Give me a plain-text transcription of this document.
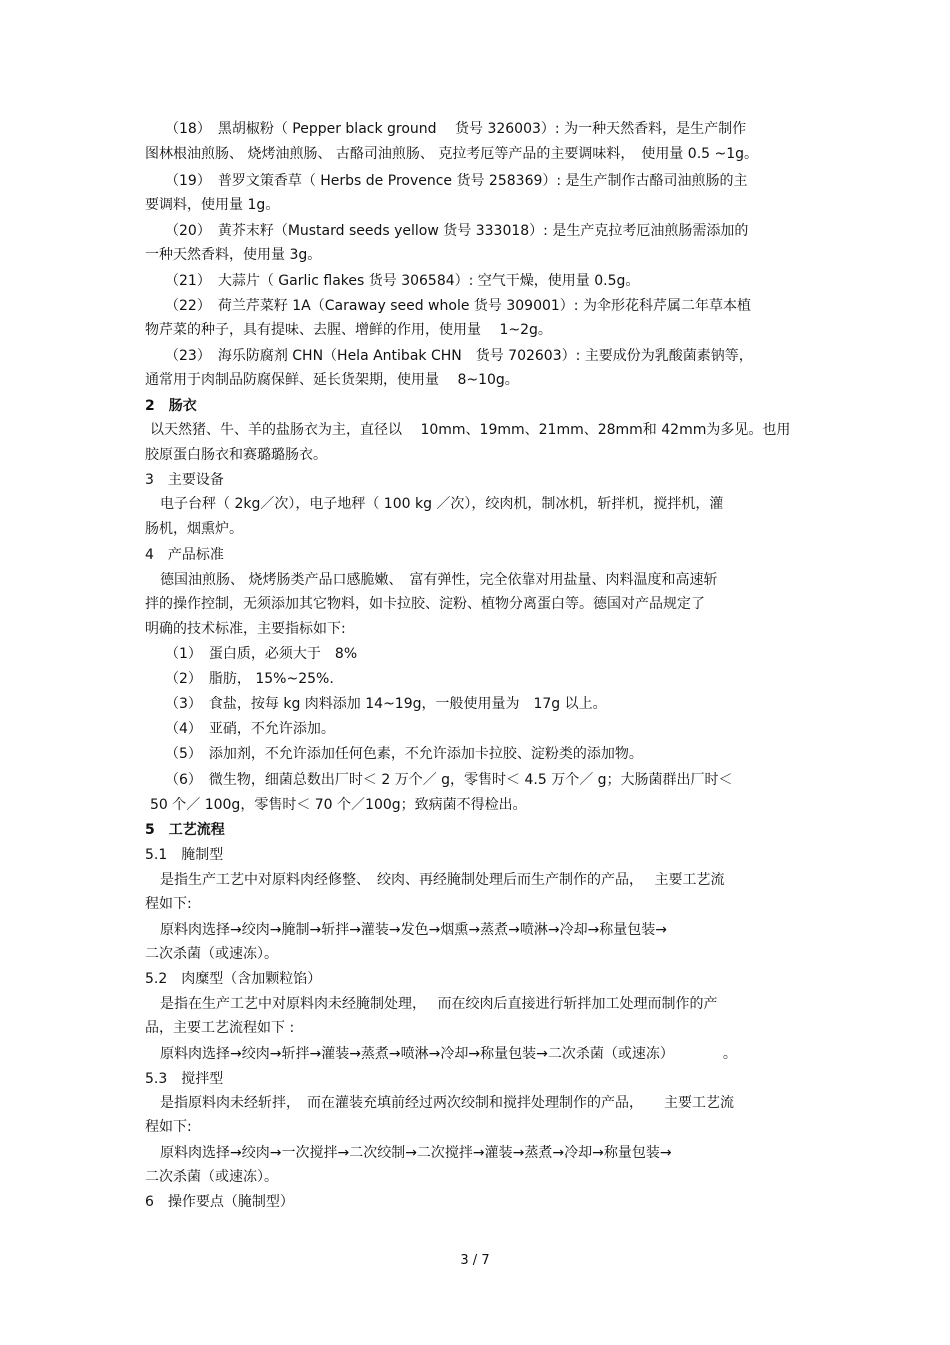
（18）　黑胡椒粉（ Pepper black ground　 货号 326003）: 为一种天然香料，是生产制作
图林根油煎肠、 烧烤油煎肠、 古酪司油煎肠、 克拉考厄等产品的主要调味料，　使用量 0.5 ~1g。
（19）　普罗文策香草（ Herbs de Provence 货号 258369）: 是生产制作古酪司油煎肠的主
要调料，使用量 1g。
（20）　黄芥末籽（Mustard seeds yellow 货号 333018）: 是生产克拉考厄油煎肠需添加的
一种天然香料，使用量 3g。
（21）　大蒜片（ Garlic flakes 货号 306584）: 空气干燥，使用量 0.5g。
（22）　荷兰芹菜籽 1A（Caraway seed whole 货号 309001）: 为伞形花科芹属二年草本植
物芹菜的种子，具有提味、去腥、增鲜的作用，使用量　 1~2g。
（23）　海乐防腐剂 CHN（Hela Antibak CHN　货号 702603）: 主要成份为乳酸菌素钠等，
通常用于肉制品防腐保鲜、延长货架期，使用量　 8~10g。
2　肠衣
以天然猪、牛、羊的盐肠衣为主，直径以　 10mm、19mm、21mm、28mm和 42mm为多见。也用
胶原蛋白肠衣和赛璐璐肠衣。
3　主要设备
电子台秤（ 2kg／次），电子地秤（ 100 kg ／次），绞肉机，制冰机，斩拌机，搅拌机，灌
肠机，烟熏炉。
4　产品标准
德国油煎肠、 烧烤肠类产品口感脆嫩、　富有弹性，完全依靠对用盐量、肉料温度和高速斩
拌的操作控制，无须添加其它物料，如卡拉胶、淀粉、植物分离蛋白等。德国对产品规定了
明确的技术标准，主要指标如下:
（1）　蛋白质，必须大于　8%
（2）　脂肪， 15%~25%.
（3）　食盐，按每 kg 肉料添加 14~19g，一般使用量为　17g 以上。
（4）　亚硝，不允许添加。
（5）　添加剂，不允许添加任何色素，不允许添加卡拉胶、淀粉类的添加物。
（6）　微生物，细菌总数出厂时＜ 2 万个／ g，零售时＜ 4.5 万个／ g；大肠菌群出厂时＜
50 个／ 100g，零售时＜ 70 个／100g；致病菌不得检出。
5　工艺流程
5.1　腌制型
是指生产工艺中对原料肉经修整、　绞肉、再经腌制处理后而生产制作的产品，　 主要工艺流
程如下:
原料肉选择→绞肉→腌制→斩拌→灌装→发色→烟熏→蒸煮→喷淋→冷却→称量包装→
二次杀菌（或速冻）。
5.2　肉糜型（含加颗粒馅）
是指在生产工艺中对原料肉未经腌制处理，　 而在绞肉后直接进行斩拌加工处理而制作的产
品，主要工艺流程如下 :
原料肉选择→绞肉→斩拌→灌装→蒸煮→喷淋→冷却→称量包装→二次杀菌（或速冻）　　　　。
5.3　搅拌型
是指原料肉未经斩拌，　而在灌装充填前经过两次绞制和搅拌处理制作的产品，　　主要工艺流
程如下:
原料肉选择→绞肉→一次搅拌→二次绞制→二次搅拌→灌装→蒸煮→冷却→称量包装→
二次杀菌（或速冻）。
6　操作要点（腌制型）
3 / 7
